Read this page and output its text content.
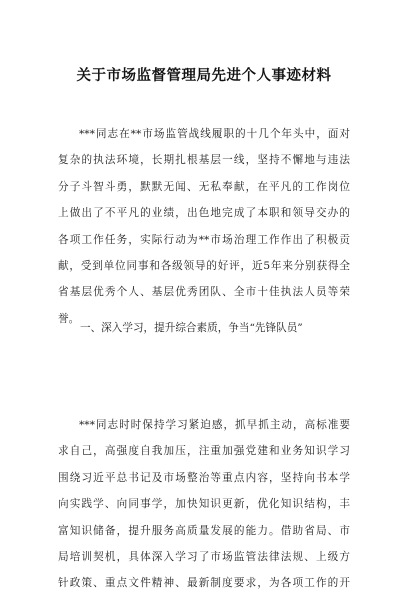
关于市场监督管理局先进个人事迹材料
***同志在**市场监管战线履职的十几个年头中，面对
复杂的执法环境，长期扎根基层一线，坚持不懈地与违法
分子斗智斗勇，默默无闻、无私奉献，在平凡的工作岗位
上做出了不平凡的业绩，出色地完成了本职和领导交办的
各项工作任务，实际行动为**市场治理工作作出了积极贡
献，受到单位同事和各级领导的好评，近5年来分别获得全
省基层优秀个人、基层优秀团队、全市十佳执法人员等荣
誉。
一、深入学习，提升综合素质，争当“先锋队员”
***同志时时保持学习紧迫感，抓早抓主动，高标准要
求自己，高强度自我加压，注重加强党建和业务知识学习
围绕习近平总书记及市场整治等重点内容，坚持向书本学
向实践学、向同事学，加快知识更新，优化知识结构，丰
富知识储备，提升服务高质量发展的能力。借助省局、市
局培训契机，具体深入学习了市场监管法律法规、上级方
针政策、重点文件精神、最新制度要求，为各项工作的开
